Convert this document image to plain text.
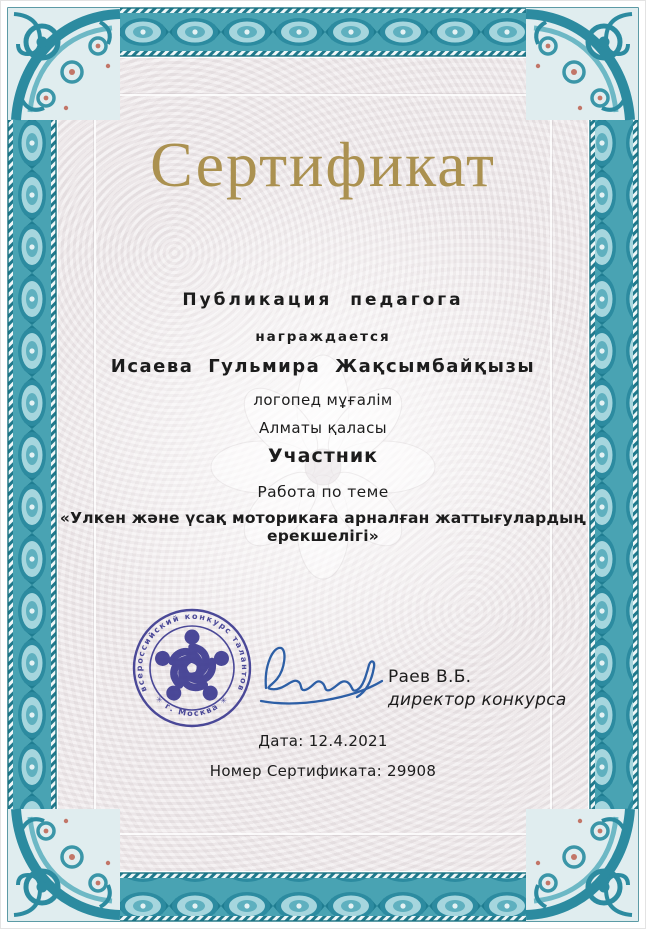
Сертификат
Публикация педагога
награждается
Исаева Гульмира Жақсымбайқызы
логопед мұғалім
Алматы қаласы
Участник
Работа по теме
«Улкен және үсақ моторикаға арналған жаттығулардың ерекшелігі»
всероссийский конкурс талантов
✳ г. Москва ✳
Раев В.Б.
директор конкурса
Дата: 12.4.2021
Номер Сертификата: 29908
